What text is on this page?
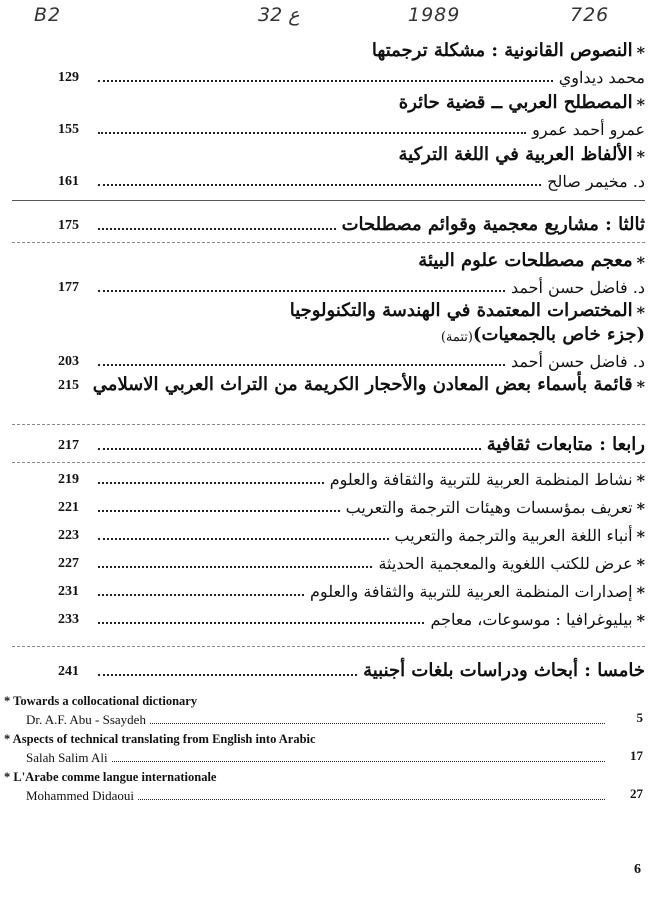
B2	32 ع	1989	726
النصوص القانونية : مشكلة ترجمتها *
129	محمد ديداوي
المصطلح العربي ــ قضية حائرة *
155	عمرو أحمد عمرو
الألفاظ العربية في اللغة التركية *
161	د. مخيمر صالح
175	ثالثا : مشاريع معجمية وقوائم مصطلحات
معجم مصطلحات علوم البيئة *
177	د. فاضل حسن أحمد
المختصرات المعتمدة في الهندسة والتكنولوجيا *
(تتمة) (جزء خاص بالجمعيات)
203	د. فاضل حسن أحمد
215 قائمة بأسماء بعض المعادن والأحجار الكريمة من التراث العربي الاسلامي *
217	رابعا : متابعات ثقافية
219	نشاط المنظمة العربية للتربية والثقافة والعلوم *
221	تعريف بمؤسسات وهيئات الترجمة والتعريب *
223	أنباء اللغة العربية والترجمة والتعريب *
227	عرض للكتب اللغوية والمعجمية الحديثة *
231	إصدارات المنظمة العربية للتربية والثقافة والعلوم *
233	بيليوغرافيا : موسوعات، معاجم *
241	خامسا : أبحاث ودراسات بلغات أجنبية
* Towards a collocational dictionary
Dr. A.F. Abu - Ssaydeh	5
* Aspects of technical translating from English into Arabic
Salah Salim Ali	17
* L'Arabe comme langue internationale
Mohammed Didaoui	27
6
